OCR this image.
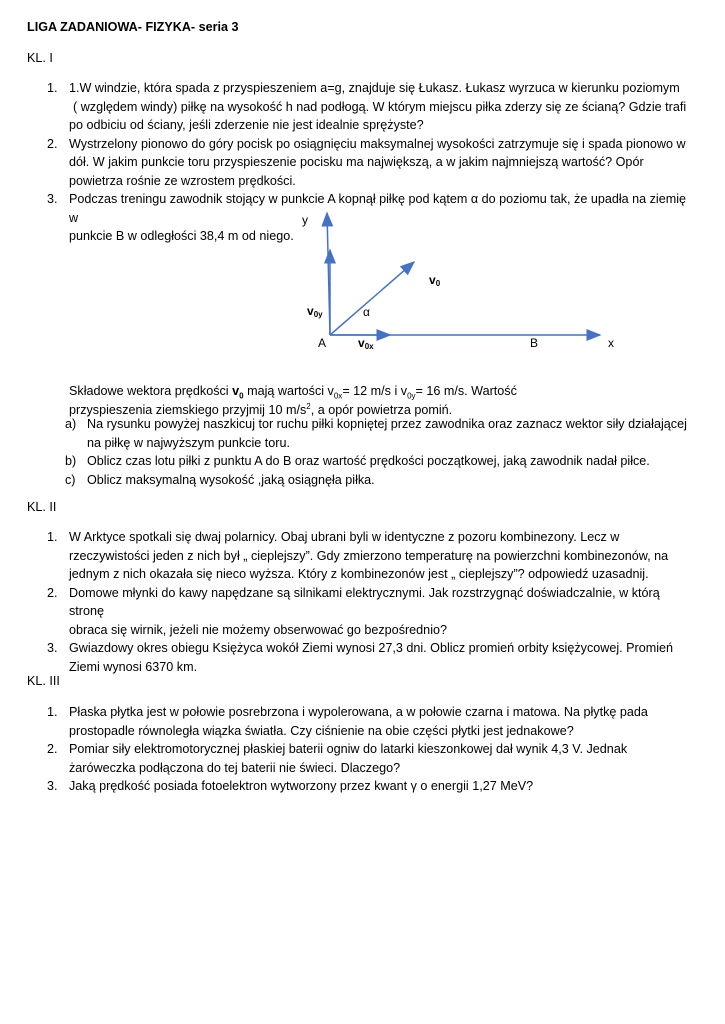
LIGA ZADANIOWA- FIZYKA- seria 3
KL. I
1. 1.W windzie, która spada z przyspieszeniem a=g, znajduje się Łukasz. Łukasz wyrzuca w kierunku poziomym
( względem windy) piłkę na wysokość h nad podłogą. W którym miejscu piłka zderzy się ze ścianą? Gdzie trafi
po odbiciu od ściany, jeśli zderzenie nie jest idealnie sprężyste?
2. Wystrzelony pionowo do góry pocisk po osiągnięciu maksymalnej wysokości zatrzymuje się i spada pionowo w
dół. W jakim punkcie toru przyspieszenie pocisku ma największą, a w jakim najmniejszą wartość? Opór
powietrza rośnie ze wzrostem prędkości.
3. Podczas treningu zawodnik stojący w punkcie A kopnął piłkę pod kątem α do poziomu tak, że upadła na ziemię w
punkcie B w odległości 38,4 m od niego.
y
x
A	B
α
v0
v0y
v0x
Składowe wektora prędkości $v_0$ mają wartości $v_{0x}= 12$ m/s i $v_{0y}= 16$ m/s. Wartość
przyspieszenia ziemskiego przyjmij 10 $m/s^2$, a opór powietrza pomiń.
a) Na rysunku powyżej naszkicuj tor ruchu piłki kopniętej przez zawodnika oraz zaznacz wektor siły działającej
na piłkę w najwyższym punkcie toru.
b) Oblicz czas lotu piłki z punktu A do B oraz wartość prędkości początkowej, jaką zawodnik nadał piłce.
c) Oblicz maksymalną wysokość ,jaką osiągnęła piłka.
KL. II
1. W Arktyce spotkali się dwaj polarnicy. Obaj ubrani byli w identyczne z pozoru kombinezony. Lecz w
rzeczywistości jeden z nich był „ cieplejszy”. Gdy zmierzono temperaturę na powierzchni kombinezonów, na
jednym z nich okazała się nieco wyższa. Który z kombinezonów jest „ cieplejszy”? odpowiedź uzasadnij.
2. Domowe młynki do kawy napędzane są silnikami elektrycznymi. Jak rozstrzygnąć doświadczalnie, w którą stronę
obraca się wirnik, jeżeli nie możemy obserwować go bezpośrednio?
3. Gwiazdowy okres obiegu Księżyca wokół Ziemi wynosi 27,3 dni. Oblicz promień orbity księżycowej. Promień
Ziemi wynosi 6370 km.
KL. III
1. Płaska płytka jest w połowie posrebrzona i wypolerowana, a w połowie czarna i matowa. Na płytkę pada
prostopadle równoległa wiązka światła. Czy ciśnienie na obie części płytki jest jednakowe?
2. Pomiar siły elektromotorycznej płaskiej baterii ogniw do latarki kieszonkowej dał wynik 4,3 V. Jednak
żaróweczka podłączona do tej baterii nie świeci. Dlaczego?
3. Jaką prędkość posiada fotoelektron wytworzony przez kwant γ o energii 1,27 MeV?
